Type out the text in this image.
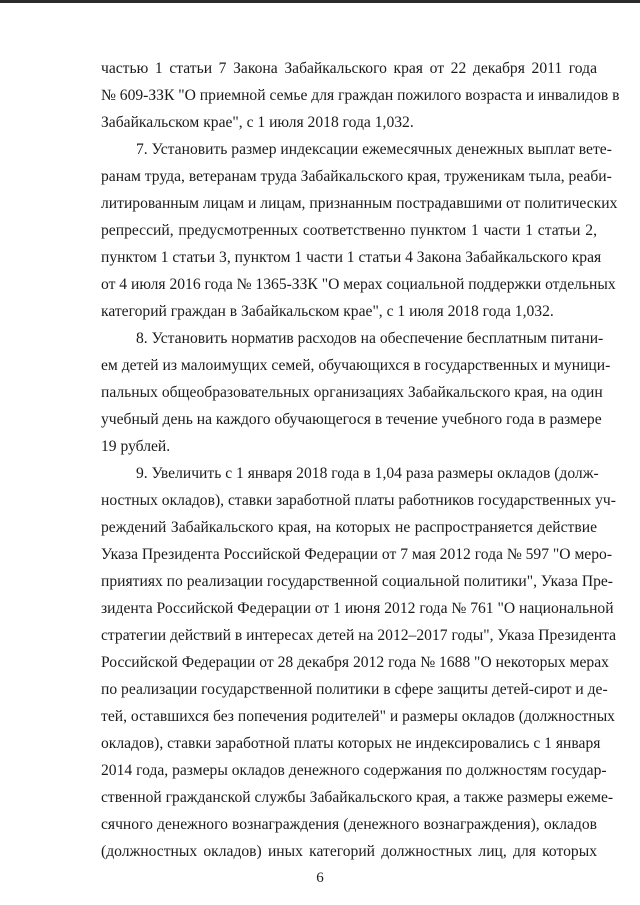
частью 1 статьи 7 Закона Забайкальского края от 22 декабря 2011 года
№ 609-ЗЗК "О приемной семье для граждан пожилого возраста и инвалидов в
Забайкальском крае", с 1 июля 2018 года 1,032.
7. Установить размер индексации ежемесячных денежных выплат вете-
ранам труда, ветеранам труда Забайкальского края, труженикам тыла, реаби-
литированным лицам и лицам, признанным пострадавшими от политических
репрессий, предусмотренных соответственно пунктом 1 части 1 статьи 2,
пунктом 1 статьи 3, пунктом 1 части 1 статьи 4 Закона Забайкальского края
от 4 июля 2016 года № 1365-ЗЗК "О мерах социальной поддержки отдельных
категорий граждан в Забайкальском крае", с 1 июля 2018 года 1,032.
8. Установить норматив расходов на обеспечение бесплатным питани-
ем детей из малоимущих семей, обучающихся в государственных и муници-
пальных общеобразовательных организациях Забайкальского края, на один
учебный день на каждого обучающегося в течение учебного года в размере
19 рублей.
9. Увеличить с 1 января 2018 года в 1,04 раза размеры окладов (долж-
ностных окладов), ставки заработной платы работников государственных уч-
реждений Забайкальского края, на которых не распространяется действие
Указа Президента Российской Федерации от 7 мая 2012 года № 597 "О меро-
приятиях по реализации государственной социальной политики", Указа Пре-
зидента Российской Федерации от 1 июня 2012 года № 761 "О национальной
стратегии действий в интересах детей на 2012–2017 годы", Указа Президента
Российской Федерации от 28 декабря 2012 года № 1688 "О некоторых мерах
по реализации государственной политики в сфере защиты детей-сирот и де-
тей, оставшихся без попечения родителей" и размеры окладов (должностных
окладов), ставки заработной платы которых не индексировались с 1 января
2014 года, размеры окладов денежного содержания по должностям государ-
ственной гражданской службы Забайкальского края, а также размеры ежеме-
сячного денежного вознаграждения (денежного вознаграждения), окладов
(должностных окладов) иных категорий должностных лиц, для которых
6
